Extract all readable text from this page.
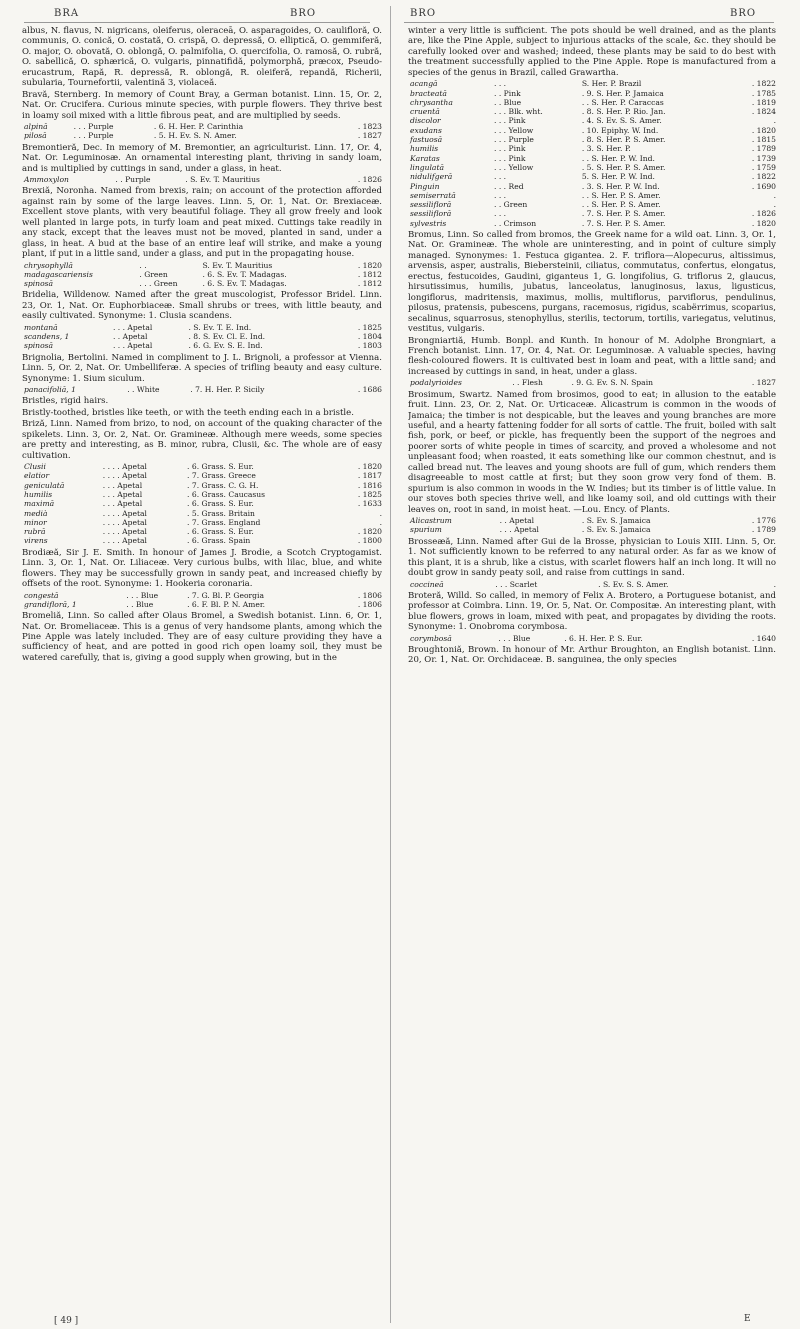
BRA	BRO	BRO	BRO

albus, N. flavus, N. nigricans, oleiferus, oleraceā, O. asparagoides, O. caulifloră, O. communis, O. conică, O. costată, O. crispă, O. depressă, O. elliptică, O. gemmiferă, O. major, O. obovată, O. oblongă, O. palmifolia, O. quercifolia, O. ramosă, O. rubră, O. sabellică, O. sphærică, O. vulgaris, pinnatifidă, polymorphă, præcox, Pseudo-erucastrum, Rapă, R. depressă, R. oblongă, R. oleiferă, repandă, Richerii, subularia, Tournefortii, valentină 3, violaceă.

Bravă, Sternberg. In memory of Count Bray, a German botanist. Linn. 15, Or. 2, Nat. Or. Crucifera. Curious minute species, with purple flowers. They thrive best in loamy soil mixed with a little fibrous peat, and are multiplied by seeds.

alpină	. . . Purple	. 6. H. Her. P. Carinthia	. 1823
pilosă	. . . Purple	. 5. H. Ev. S. N. Amer.	. 1827

Bremontieră, Dec. In memory of M. Bremontier, an agriculturist. Linn. 17, Or. 4, Nat. Or. Leguminosæ. An ornamental interesting plant, thriving in sandy loam, and is multiplied by cuttings in sand, under a glass, in heat.

Ammoxylon	. . Purple	. S. Ev. T. Mauritius	. 1826

Brexiă, Noronha. Named from brexis, rain; on account of the protection afforded against rain by some of the large leaves. Linn. 5, Or. 1, Nat. Or. Brexiaceæ. Excellent stove plants, with very beautiful foliage. They all grow freely and look well planted in large pots, in turfy loam and peat mixed. Cuttings take readily in any stack, except that the leaves must not be moved, planted in sand, under a glass, in heat. A bud at the base of an entire leaf will strike, and make a young plant, if put in a little sand, under a glass, and put in the propagating house.

chrysophyllă	. .	S. Ev. T. Mauritius	. 1820
madagascariensis	. Green	. 6. S. Ev. T. Madagas.	. 1812
spinosă	. . . Green	. 6. S. Ev. T. Madagas.	. 1812

Bridelia, Willdenow. Named after the great muscologist, Professor Bridel. Linn. 23, Or. 1, Nat. Or. Euphorbiaceæ. Small shrubs or trees, with little beauty, and easily cultivated. Synonyme: 1. Clusia scandens.

montană	. . . Apetal	. S. Ev. T. E. Ind.	. 1825
scandens, 1	. . Apetal	. 8. S. Ev. Cl. E. Ind.	. 1804
spinosă	. . . Apetal	. 6. G. Ev. S. E. Ind.	. 1803

Brignolia, Bertolini. Named in compliment to J. L. Brignoli, a professor at Vienna. Linn. 5, Or. 2, Nat. Or. Umbelliferæ. A species of trifling beauty and easy culture. Synonyme: 1. Sium siculum.

panacifoliă, 1	. . White	. 7. H. Her. P. Sicily	. 1686

Bristles, rigid hairs.

Bristly-toothed, bristles like teeth, or with the teeth ending each in a bristle.

Briză, Linn. Named from brizo, to nod, on account of the quaking character of the spikelets. Linn. 3, Or. 2, Nat. Or. Gramineæ. Although mere weeds, some species are pretty and interesting, as B. minor, rubra, Clusii, &c. The whole are of easy cultivation.

Clusii	. . . . Apetal	. 6. Grass. S. Eur.	. 1820
elatior	. . . . Apetal	. 7. Grass. Greece	. 1817
geniculată	. . . Apetal	. 7. Grass. C. G. H.	. 1816
humilis	. . . Apetal	. 6. Grass. Caucasus	. 1825
maximă	. . . Apetal	. 6. Grass. S. Eur.	. 1633
medià	. . . . Apetal	. 5. Grass. Britain	.
minor	. . . . Apetal	. 7. Grass. England	.
rubră	. . . . Apetal	. 6. Grass. S. Eur.	. 1820
virens	. . . . Apetal	. 6. Grass. Spain	. 1800

Brodiæă, Sir J. E. Smith. In honour of James J. Brodie, a Scotch Cryptogamist. Linn. 3, Or. 1, Nat. Or. Liliaceæ. Very curious bulbs, with lilac, blue, and white flowers. They may be successfully grown in sandy peat, and increased chiefly by offsets of the root. Synonyme: 1. Hookeria coronaria.

congestă	. . . Blue	. 7. G. Bl. P. Georgia	. 1806
grandifloră, 1	. . Blue	. 6. F. Bl. P. N. Amer.	. 1806

Bromeliă, Linn. So called after Olaus Bromel, a Swedish botanist. Linn. 6, Or. 1, Nat. Or. Bromeliaceæ. This is a genus of very handsome plants, among which the Pine Apple was lately included. They are of easy culture providing they have a sufficiency of heat, and are potted in good rich open loamy soil, they must be watered carefully, that is, giving a good supply when growing, but in the

winter a very little is sufficient. The pots should be well drained, and as the plants are, like the Pine Apple, subject to injurious attacks of the scale, &c. they should be carefully looked over and washed; indeed, these plants may be said to do best with the treatment successfully applied to the Pine Apple. Rope is manufactured from a species of the genus in Brazil, called Grawartha.

acangă	. . .	S. Her. P. Brazil	. 1822
bracteată	. . Pink	. 9. S. Her. P. Jamaica	. 1785
chrysantha	. . Blue	. . S. Her. P. Caraccas	. 1819
cruentă	. . . Blk. wht.	. 8. S. Her. P. Rio. Jan.	. 1824
discolor	. . . Pink	. 4. S. Ev. S. S. Amer.	.
exudans	. . . Yellow	. 10. Epiphy. W. Ind.	. 1820
fastuosă	. . . Purple	. 8. S. Her. P. S. Amer.	. 1815
humilis	. . . Pink	. 3. S. Her. P.	. 1789
Karatas	. . . Pink	. . S. Her. P. W. Ind.	. 1739
lingulată	. . . Yellow	. 5. S. Her. P. S. Amer.	. 1759
nidulifgeră	. . .	5. S. Her. P. W. Ind.	. 1822
Pinguin	. . . Red	. 3. S. Her. P. W. Ind.	. 1690
semiserrată	. . .	. . S. Her. P. S. Amer.	.
sessilifloră	. . Green	. . S. Her. P. S. Amer.	.
sessilifloră	. . .	. 7. S. Her. P. S. Amer.	. 1826
sylvestris	. . Crimson	. 7. S. Her. P. S. Amer.	. 1820

Bromus, Linn. So called from bromos, the Greek name for a wild oat. Linn. 3, Or. 1, Nat. Or. Gramineæ. The whole are uninteresting, and in point of culture simply managed. Synonymes: 1. Festuca gigantea. 2. F. triflora—Alopecurus, altissimus, arvensis, asper, australis, Biebersteinii, ciliatus, commutatus, confertus, elongatus, erectus, festucoides, Gaudini, giganteus 1, G. longifolius, G. triflorus 2, glaucus, hirsutissimus, humilis, jubatus, lanceolatus, lanuginosus, laxus, ligusticus, longiflorus, madritensis, maximus, mollis, multiflorus, parviflorus, pendulinus, pilosus, pratensis, pubescens, purgans, racemosus, rigidus, scabërrimus, scoparius, secalinus, squarrosus, stenophyllus, sterilis, tectorum, tortilis, variegatus, velutinus, vestitus, vulgaris.

Brongniartiă, Humb. Bonpl. and Kunth. In honour of M. Adolphe Brongniart, a French botanist. Linn. 17, Or. 4, Nat. Or. Leguminosæ. A valuable species, having flesh-coloured flowers. It is cultivated best in loam and peat, with a little sand; and increased by cuttings in sand, in heat, under a glass.

podalyrioides	. . Flesh	. 9. G. Ev. S. N. Spain	. 1827

Brosimum, Swartz. Named from brosimos, good to eat; in allusion to the eatable fruit. Linn. 23, Or. 2, Nat. Or. Urticaceæ. Alicastrum is common in the woods of Jamaica; the timber is not despicable, but the leaves and young branches are more useful, and a hearty fattening fodder for all sorts of cattle. The fruit, boiled with salt fish, pork, or beef, or pickle, has frequently been the support of the negroes and poorer sorts of white people in times of scarcity, and proved a wholesome and not unpleasant food; when roasted, it eats something like our common chestnut, and is called bread nut. The leaves and young shoots are full of gum, which renders them disagreeable to most cattle at first; but they soon grow very fond of them. B. spurium is also common in woods in the W. Indies; but its timber is of little value. In our stoves both species thrive well, and like loamy soil, and old cuttings with their leaves on, root in sand, in moist heat. —Lou. Ency. of Plants.

Alicastrum	. . Apetal	. S. Ev. S. Jamaica	. 1776
spurium	. . . Apetal	. S. Ev. S. Jamaica	. 1789

Brosseæă, Linn. Named after Gui de la Brosse, physician to Louis XIII. Linn. 5, Or. 1. Not sufficiently known to be referred to any natural order. As far as we know of this plant, it is a shrub, like a cistus, with scarlet flowers half an inch long. It will no doubt grow in sandy peaty soil, and raise from cuttings in sand.

coccineă	. . . Scarlet	. S. Ev. S. S. Amer.	.

Broteră, Willd. So called, in memory of Felix A. Brotero, a Portuguese botanist, and professor at Coimbra. Linn. 19, Or. 5, Nat. Or. Compositæ. An interesting plant, with blue flowers, grows in loam, mixed with peat, and propagates by dividing the roots. Synonyme: 1. Onobroma corymbosa.

corymbosă	. . . Blue	. 6. H. Her. P. S. Eur.	. 1640

Broughtoniă, Brown. In honour of Mr. Arthur Broughton, an English botanist. Linn. 20, Or. 1, Nat. Or. Orchidaceæ. B. sanguinea, the only species

[ 49 ]	E
